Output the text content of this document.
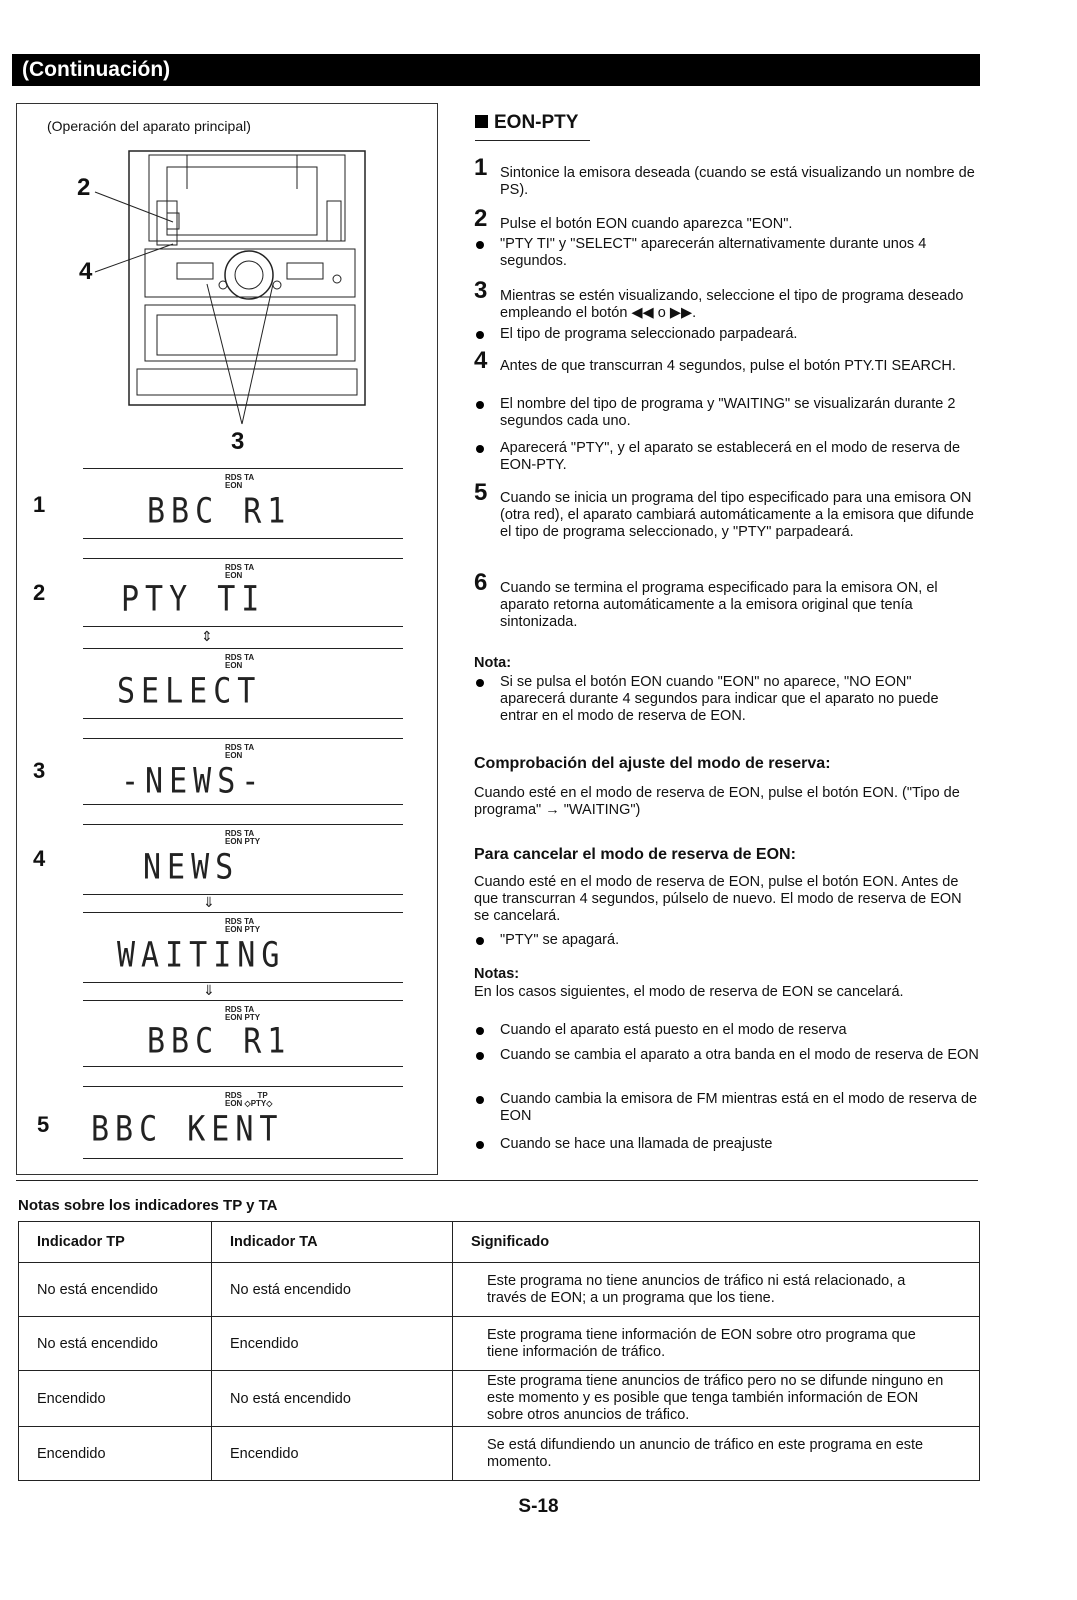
(Continuación)
(Operación del aparato principal)
2
4
3
1
RDS TA
EON
BBC R1
2
RDS TA
EON
PTY TI
⇕
RDS TA
EON
SELECT
3
RDS TA
EON
-NEWS-
4
RDS TA
EON PTY
NEWS
⇓
RDS TA
EON PTY
WAITING
⇓
RDS TA
EON PTY
BBC R1
5
RDS       TP
EON ◇PTY◇
BBC KENT
EON-PTY
1 Sintonice la emisora deseada (cuando se está visualizando un nombre de PS).
2 Pulse el botón EON cuando aparezca "EON".
"PTY TI" y "SELECT" aparecerán alternativamente durante unos 4 segundos.
3 Mientras se estén visualizando, seleccione el tipo de programa deseado empleando el botón ◀◀ o ▶▶.
El tipo de programa seleccionado parpadeará.
4 Antes de que transcurran 4 segundos, pulse el botón PTY.TI SEARCH.
El nombre del tipo de programa y "WAITING" se visualizarán durante 2 segundos cada uno.
Aparecerá "PTY", y el aparato se establecerá en el modo de reserva de EON-PTY.
5 Cuando se inicia un programa del tipo especificado para una emisora ON (otra red), el aparato cambiará automáticamente a la emisora que difunde el tipo de programa seleccionado, y "PTY" parpadeará.
6 Cuando se termina el programa especificado para la emisora ON, el aparato retorna automáticamente a la emisora original que tenía sintonizada.
Nota:
Si se pulsa el botón EON cuando "EON" no aparece, "NO EON" aparecerá durante 4 segundos para indicar que el aparato no puede entrar en el modo de reserva de EON.
Comprobación del ajuste del modo de reserva:
Cuando esté en el modo de reserva de EON, pulse el botón EON. ("Tipo de programa" → "WAITING")
Para cancelar el modo de reserva de EON:
Cuando esté en el modo de reserva de EON, pulse el botón EON. Antes de que transcurran 4 segundos, púlselo de nuevo. El modo de reserva de EON se cancelará.
"PTY" se apagará.
Notas:
En los casos siguientes, el modo de reserva de EON se cancelará.
Cuando el aparato está puesto en el modo de reserva
Cuando se cambia el aparato a otra banda en el modo de reserva de EON
Cuando cambia la emisora de FM mientras está en el modo de reserva de EON
Cuando se hace una llamada de preajuste
Notas sobre los indicadores TP y TA
Indicador TP	Indicador TA	Significado
No está encendido	No está encendido	Este programa no tiene anuncios de tráfico ni está relacionado, a través de EON; a un programa que los tiene.
No está encendido	Encendido	Este programa tiene información de EON sobre otro programa que tiene información de tráfico.
Encendido	No está encendido	Este programa tiene anuncios de tráfico pero no se difunde ninguno en este momento y es posible que tenga también información de EON sobre otros anuncios de tráfico.
Encendido	Encendido	Se está difundiendo un anuncio de tráfico en este programa en este momento.
S-18
